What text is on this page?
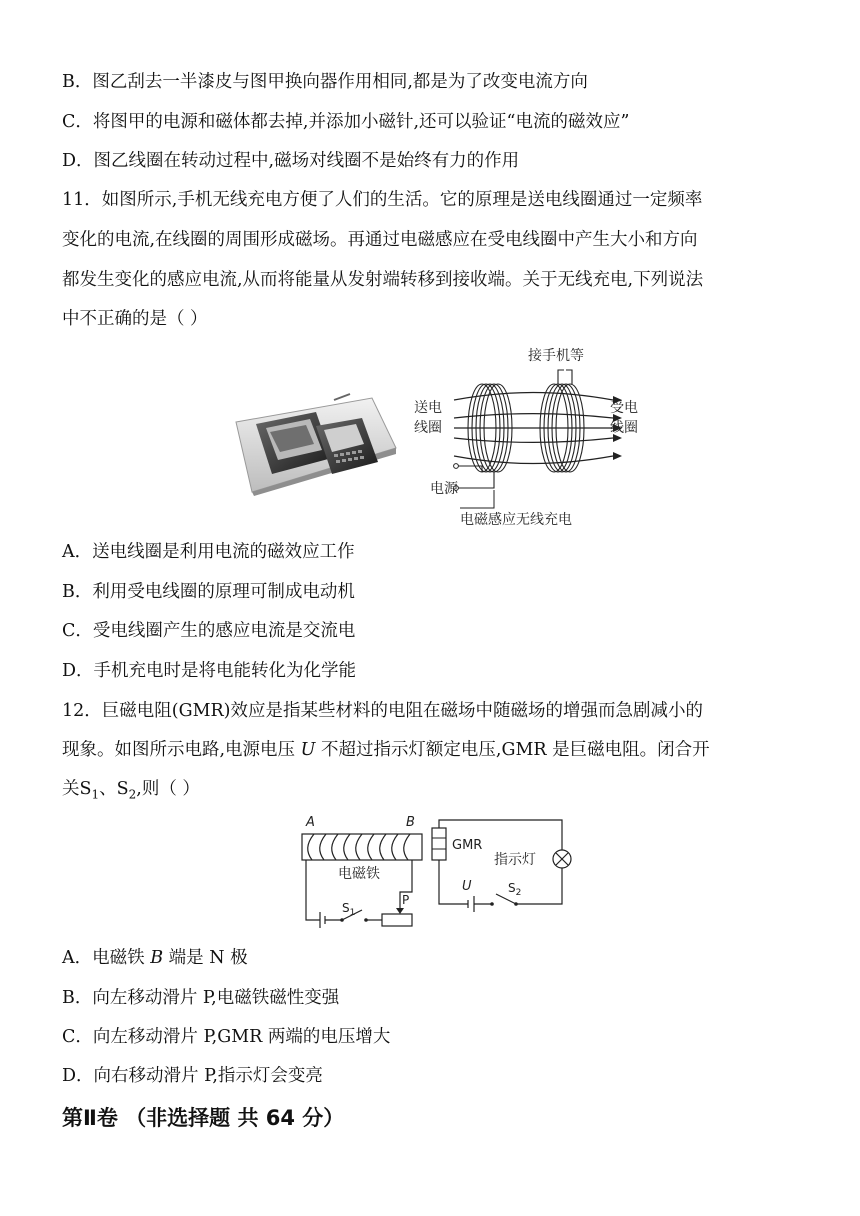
B．图乙刮去一半漆皮与图甲换向器作用相同,都是为了改变电流方向
C．将图甲的电源和磁体都去掉,并添加小磁针,还可以验证“电流的磁效应”
D．图乙线圈在转动过程中,磁场对线圈不是始终有力的作用
11．如图所示,手机无线充电方便了人们的生活。它的原理是送电线圈通过一定频率
变化的电流,在线圈的周围形成磁场。再通过电磁感应在受电线圈中产生大小和方向
都发生变化的感应电流,从而将能量从发射端转移到接收端。关于无线充电,下列说法
中不正确的是（ ）
接手机等
送电
线圈
受电
线圈
电源
电磁感应无线充电
A．送电线圈是利用电流的磁效应工作
B．利用受电线圈的原理可制成电动机
C．受电线圈产生的感应电流是交流电
D．手机充电时是将电能转化为化学能
12．巨磁电阻(GMR)效应是指某些材料的电阻在磁场中随磁场的增强而急剧减小的
现象。如图所示电路,电源电压 U 不超过指示灯额定电压,GMR 是巨磁电阻。闭合开
关$S_1$、$S_2$,则（ ）
A	B
电磁铁
$S_1$
P
GMR
指示灯
U	$S_2$
A．电磁铁 B 端是 N 极
B．向左移动滑片 P,电磁铁磁性变强
C．向左移动滑片 P,GMR 两端的电压增大
D．向右移动滑片 P,指示灯会变亮
第Ⅱ卷 （非选择题 共 64 分）
